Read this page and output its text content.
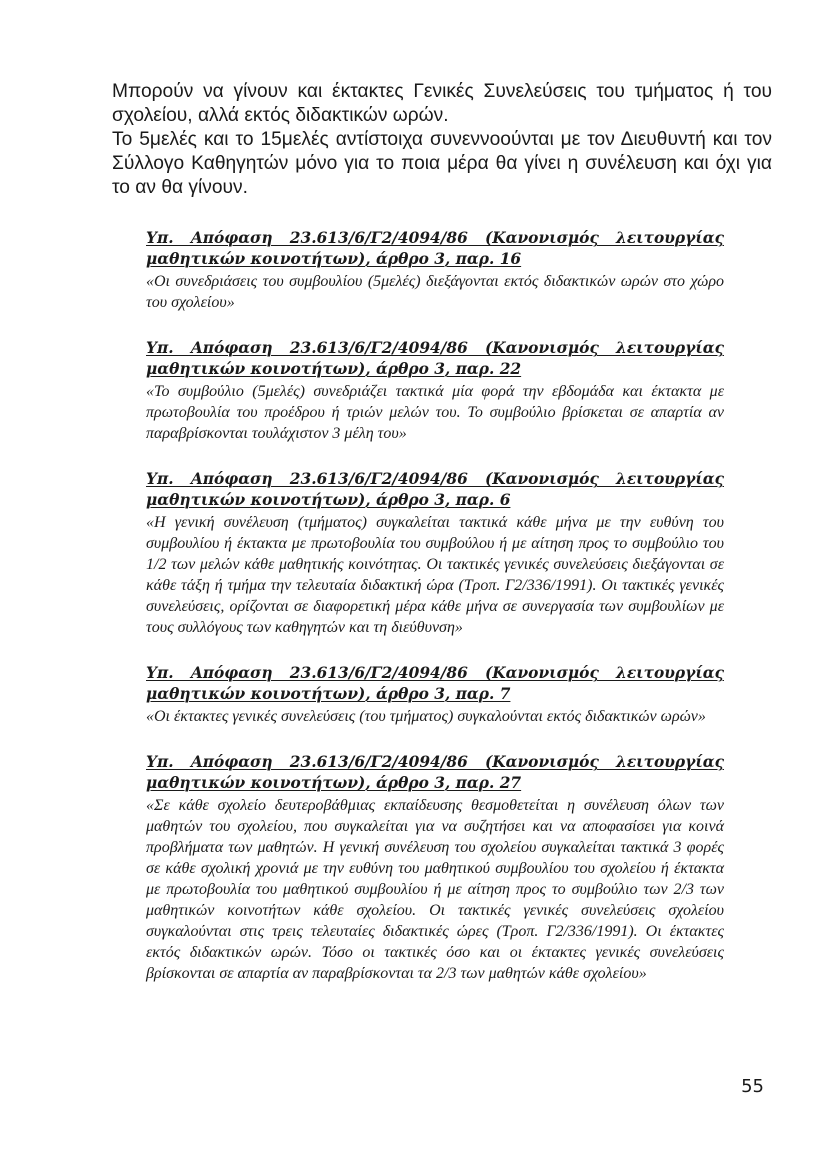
Μπορούν να γίνουν και έκτακτες Γενικές Συνελεύσεις του τμήματος ή του σχολείου, αλλά εκτός διδακτικών ωρών.

Το 5μελές και το 15μελές αντίστοιχα συνεννοούνται με τον Διευθυντή και τον Σύλλογο Καθηγητών μόνο για το ποια μέρα θα γίνει η συνέλευση και όχι για το αν θα γίνουν.

Υπ. Απόφαση 23.613/6/Γ2/4094/86 (Κανονισμός λειτουργίας μαθητικών κοινοτήτων), άρθρο 3, παρ. 16

«Οι συνεδριάσεις του συμβουλίου (5μελές) διεξάγονται εκτός διδακτικών ωρών στο χώρο του σχολείου»

Υπ. Απόφαση 23.613/6/Γ2/4094/86 (Κανονισμός λειτουργίας μαθητικών κοινοτήτων), άρθρο 3, παρ. 22

«Το συμβούλιο (5μελές) συνεδριάζει τακτικά μία φορά την εβδομάδα και έκτακτα με πρωτοβουλία του προέδρου ή τριών μελών του. Το συμβούλιο βρίσκεται σε απαρτία αν παραβρίσκονται τουλάχιστον 3 μέλη του»

Υπ. Απόφαση 23.613/6/Γ2/4094/86 (Κανονισμός λειτουργίας μαθητικών κοινοτήτων), άρθρο 3, παρ. 6

«Η γενική συνέλευση (τμήματος) συγκαλείται τακτικά κάθε μήνα με την ευθύνη του συμβουλίου ή έκτακτα με πρωτοβουλία του συμβούλου ή με αίτηση προς το συμβούλιο του 1/2 των μελών κάθε μαθητικής κοινότητας. Οι τακτικές γενικές συνελεύσεις διεξάγονται σε κάθε τάξη ή τμήμα την τελευταία διδακτική ώρα (Τροπ. Γ2/336/1991). Οι τακτικές γενικές συνελεύσεις, ορίζονται σε διαφορετική μέρα κάθε μήνα σε συνεργασία των συμβουλίων με τους συλλόγους των καθηγητών και τη διεύθυνση»

Υπ. Απόφαση 23.613/6/Γ2/4094/86 (Κανονισμός λειτουργίας μαθητικών κοινοτήτων), άρθρο 3, παρ. 7

«Οι έκτακτες γενικές συνελεύσεις (του τμήματος) συγκαλούνται εκτός διδακτικών ωρών»

Υπ. Απόφαση 23.613/6/Γ2/4094/86 (Κανονισμός λειτουργίας μαθητικών κοινοτήτων), άρθρο 3, παρ. 27

«Σε κάθε σχολείο δευτεροβάθμιας εκπαίδευσης θεσμοθετείται η συνέλευση όλων των μαθητών του σχολείου, που συγκαλείται για να συζητήσει και να αποφασίσει για κοινά προβλήματα των μαθητών. Η γενική συνέλευση του σχολείου συγκαλείται τακτικά 3 φορές σε κάθε σχολική χρονιά με την ευθύνη του μαθητικού συμβουλίου του σχολείου ή έκτακτα με πρωτοβουλία του μαθητικού συμβουλίου ή με αίτηση προς το συμβούλιο των 2/3 των μαθητικών κοινοτήτων κάθε σχολείου. Οι τακτικές γενικές συνελεύσεις σχολείου συγκαλούνται στις τρεις τελευταίες διδακτικές ώρες (Τροπ. Γ2/336/1991). Οι έκτακτες εκτός διδακτικών ωρών. Τόσο οι τακτικές όσο και οι έκτακτες γενικές συνελεύσεις βρίσκονται σε απαρτία αν παραβρίσκονται τα 2/3 των μαθητών κάθε σχολείου»

55
